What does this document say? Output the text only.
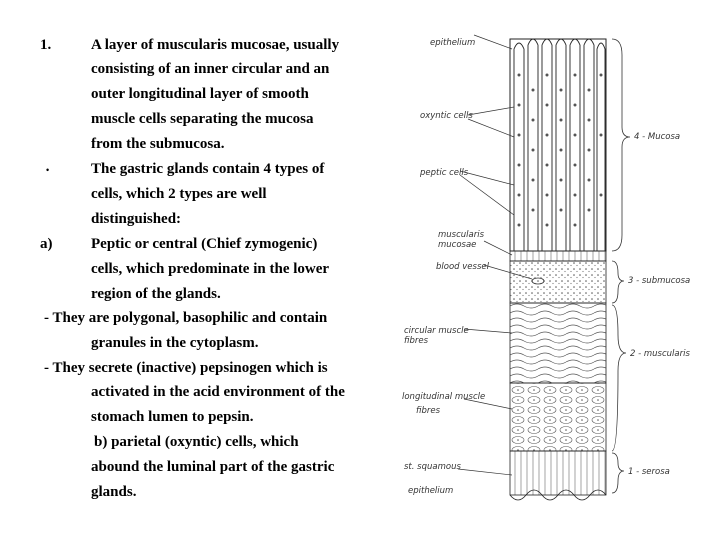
1.
•
a)
A layer of muscularis mucosae, usually
consisting of an inner circular and an
outer longitudinal layer of smooth
muscle cells separating the mucosa
from the submucosa.
The gastric glands contain 4 types of
cells, which 2 types are well
distinguished:
Peptic or central (Chief zymogenic)
cells, which predominate in the lower
region of the glands.
- They are polygonal, basophilic and contain
granules in the cytoplasm.
- They secrete (inactive) pepsinogen which is
activated in the acid environment of the
stomach lumen to pepsin.
b) parietal (oxyntic) cells, which
abound the luminal part of the gastric
glands.
epithelium
oxyntic cells
peptic cells
muscularis
mucosae
blood vessel
circular muscle
fibres
longitudinal muscle
fibres
st. squamous
epithelium
4 - Mucosa
3 - submucosa
2 - muscularis
1 - serosa
